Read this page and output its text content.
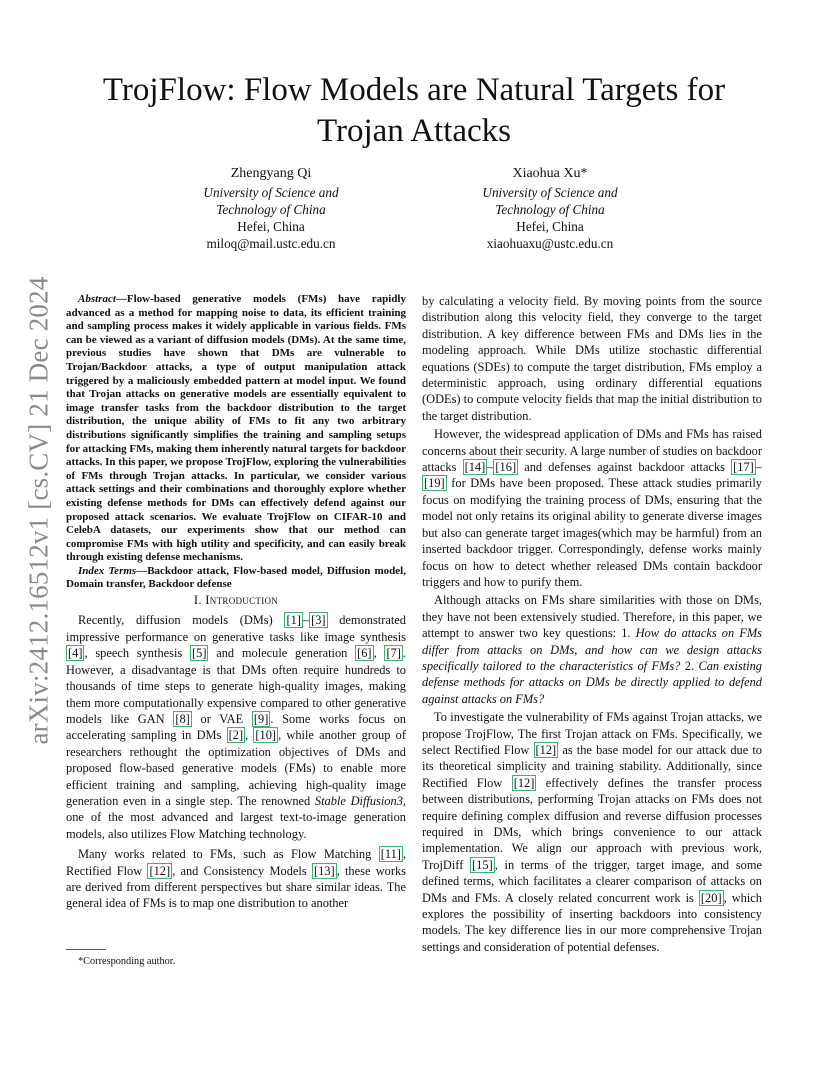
arXiv:2412.16512v1 [cs.CV] 21 Dec 2024
TrojFlow: Flow Models are Natural Targets for Trojan Attacks
Zhengyang Qi
University of Science and
Technology of China
Hefei, China
miloq@mail.ustc.edu.cn
Xiaohua Xu*
University of Science and
Technology of China
Hefei, China
xiaohuaxu@ustc.edu.cn

Abstract—Flow-based generative models (FMs) have rapidly advanced as a method for mapping noise to data, its efficient training and sampling process makes it widely applicable in various fields. FMs can be viewed as a variant of diffusion models (DMs). At the same time, previous studies have shown that DMs are vulnerable to Trojan/Backdoor attacks, a type of output manipulation attack triggered by a maliciously embedded pattern at model input. We found that Trojan attacks on generative models are essentially equivalent to image transfer tasks from the backdoor distribution to the target distribution, the unique ability of FMs to fit any two arbitrary distributions significantly simplifies the training and sampling setups for attacking FMs, making them inherently natural targets for backdoor attacks. In this paper, we propose TrojFlow, exploring the vulnerabilities of FMs through Trojan attacks. In particular, we consider various attack settings and their combinations and thoroughly explore whether existing defense methods for DMs can effectively defend against our proposed attack scenarios. We evaluate TrojFlow on CIFAR-10 and CelebA datasets, our experiments show that our method can compromise FMs with high utility and specificity, and can easily break through existing defense mechanisms.

Index Terms—Backdoor attack, Flow-based model, Diffusion model, Domain transfer, Backdoor defense

I. Introduction

Recently, diffusion models (DMs) [1] – [3] demonstrated impressive performance on generative tasks like image synthesis [4] , speech synthesis [5] and molecule generation [6] , [7] . However, a disadvantage is that DMs often require hundreds to thousands of time steps to generate high-quality images, making them more computationally expensive compared to other generative models like GAN [8] or VAE [9] . Some works focus on accelerating sampling in DMs [2] , [10] , while another group of researchers rethought the optimization objectives of DMs and proposed flow-based generative models (FMs) to enable more efficient training and sampling, achieving high-quality image generation even in a single step. The renowned Stable Diffusion3, one of the most advanced and largest text-to-image generation models, also utilizes Flow Matching technology.

Many works related to FMs, such as Flow Matching [11] , Rectified Flow [12] , and Consistency Models [13] , these works are derived from different perspectives but share similar ideas. The general idea of FMs is to map one distribution to another

by calculating a velocity field. By moving points from the source distribution along this velocity field, they converge to the target distribution. A key difference between FMs and DMs lies in the modeling approach. While DMs utilize stochastic differential equations (SDEs) to compute the target distribution, FMs employ a deterministic approach, using ordinary differential equations (ODEs) to compute velocity fields that map the initial distribution to the target distribution.

However, the widespread application of DMs and FMs has raised concerns about their security. A large number of studies on backdoor attacks [14] – [16] and defenses against backdoor attacks [17] –[19] for DMs have been proposed. These attack studies primarily focus on modifying the training process of DMs, ensuring that the model not only retains its original ability to generate diverse images but also can generate target images(which may be harmful) from an inserted backdoor trigger. Correspondingly, defense works mainly focus on how to detect whether released DMs contain backdoor triggers and how to purify them.

Although attacks on FMs share similarities with those on DMs, they have not been extensively studied. Therefore, in this paper, we attempt to answer two key questions: 1. How do attacks on FMs differ from attacks on DMs, and how can we design attacks specifically tailored to the characteristics of FMs? 2. Can existing defense methods for attacks on DMs be directly applied to defend against attacks on FMs?

To investigate the vulnerability of FMs against Trojan attacks, we propose TrojFlow, The first Trojan attack on FMs. Specifically, we select Rectified Flow [12] as the base model for our attack due to its theoretical simplicity and training stability. Additionally, since Rectified Flow [12] effectively defines the transfer process between distributions, performing Trojan attacks on FMs does not require defining complex diffusion and reverse diffusion processes required in DMs, which brings convenience to our attack implementation. We align our approach with previous work, TrojDiff [15] , in terms of the trigger, target image, and some defined terms, which facilitates a clearer comparison of attacks on DMs and FMs. A closely related concurrent work is [20] , which explores the possibility of inserting backdoors into consistency models. The key difference lies in our more comprehensive Trojan settings and consideration of potential defenses.

*Corresponding author.
